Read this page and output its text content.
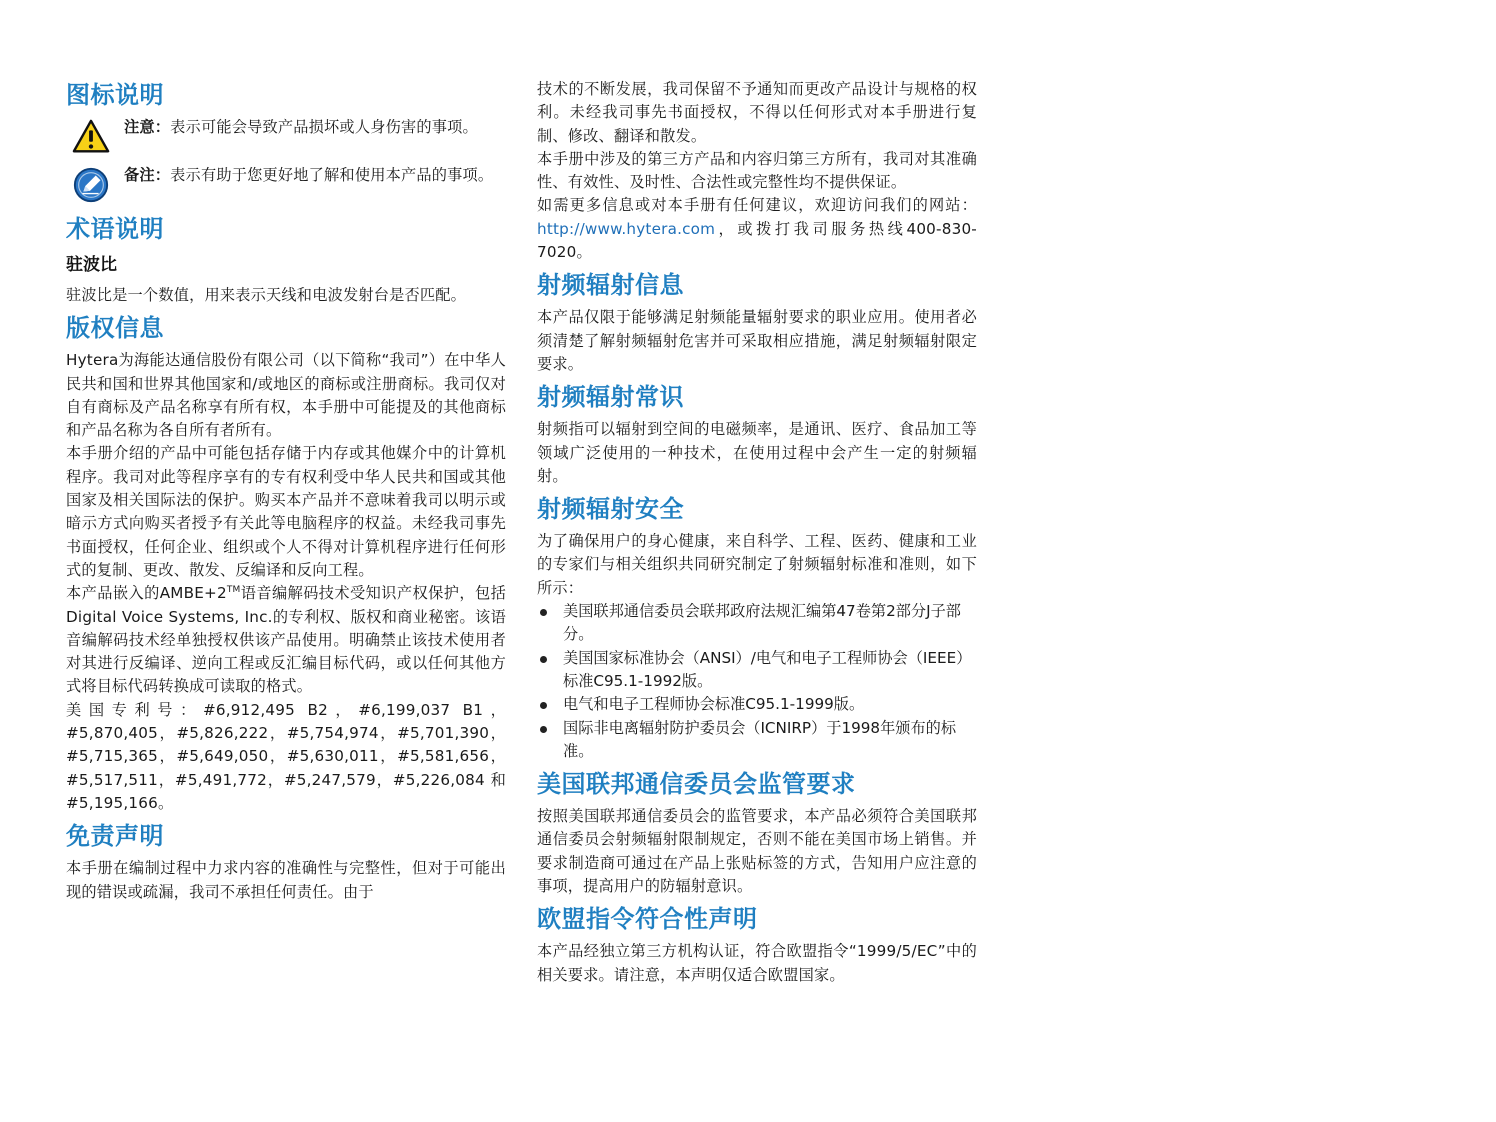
图标说明

注意：表示可能会导致产品损坏或人身伤害的事项。

备注：表示有助于您更好地了解和使用本产品的事项。

术语说明
驻波比

驻波比是一个数值，用来表示天线和电波发射台是否匹配。

版权信息

Hytera为海能达通信股份有限公司（以下简称“我司”）在中华人民共和国和世界其他国家和/或地区的商标或注册商标。我司仅对自有商标及产品名称享有所有权，本手册中可能提及的其他商标和产品名称为各自所有者所有。

本手册介绍的产品中可能包括存储于内存或其他媒介中的计算机程序。我司对此等程序享有的专有权利受中华人民共和国或其他国家及相关国际法的保护。购买本产品并不意味着我司以明示或暗示方式向购买者授予有关此等电脑程序的权益。未经我司事先书面授权，任何企业、组织或个人不得对计算机程序进行任何形式的复制、更改、散发、反编译和反向工程。

本产品嵌入的AMBE+2™语音编解码技术受知识产权保护，包括Digital Voice Systems, Inc.的专利权、版权和商业秘密。该语音编解码技术经单独授权供该产品使用。明确禁止该技术使用者对其进行反编译、逆向工程或反汇编目标代码，或以任何其他方式将目标代码转换成可读取的格式。

美国专利号：#6,912,495 B2，#6,199,037 B1，#5,870,405，#5,826,222，#5,754,974，#5,701,390，#5,715,365，#5,649,050，#5,630,011，#5,581,656，#5,517,511，#5,491,772，#5,247,579，#5,226,084 和#5,195,166。

免责声明

本手册在编制过程中力求内容的准确性与完整性，但对于可能出现的错误或疏漏，我司不承担任何责任。由于

技术的不断发展，我司保留不予通知而更改产品设计与规格的权利。未经我司事先书面授权，不得以任何形式对本手册进行复制、修改、翻译和散发。

本手册中涉及的第三方产品和内容归第三方所有，我司对其准确性、有效性、及时性、合法性或完整性均不提供保证。

如需更多信息或对本手册有任何建议，欢迎访问我们的网站：http://www.hytera.com，或拨打我司服务热线400-830-7020。

射频辐射信息

本产品仅限于能够满足射频能量辐射要求的职业应用。使用者必须清楚了解射频辐射危害并可采取相应措施，满足射频辐射限定要求。

射频辐射常识

射频指可以辐射到空间的电磁频率，是通讯、医疗、食品加工等领域广泛使用的一种技术，在使用过程中会产生一定的射频辐射。

射频辐射安全

为了确保用户的身心健康，来自科学、工程、医药、健康和工业的专家们与相关组织共同研究制定了射频辐射标准和准则，如下所示：

美国联邦通信委员会联邦政府法规汇编第47卷第2部分J子部分。
美国国家标准协会（ANSI）/电气和电子工程师协会（IEEE）标准C95.1-1992版。
电气和电子工程师协会标准C95.1-1999版。
国际非电离辐射防护委员会（ICNIRP）于1998年颁布的标准。
美国联邦通信委员会监管要求

按照美国联邦通信委员会的监管要求，本产品必须符合美国联邦通信委员会射频辐射限制规定，否则不能在美国市场上销售。并要求制造商可通过在产品上张贴标签的方式，告知用户应注意的事项，提高用户的防辐射意识。

欧盟指令符合性声明

本产品经独立第三方机构认证，符合欧盟指令“1999/5/EC”中的相关要求。请注意，本声明仅适合欧盟国家。
